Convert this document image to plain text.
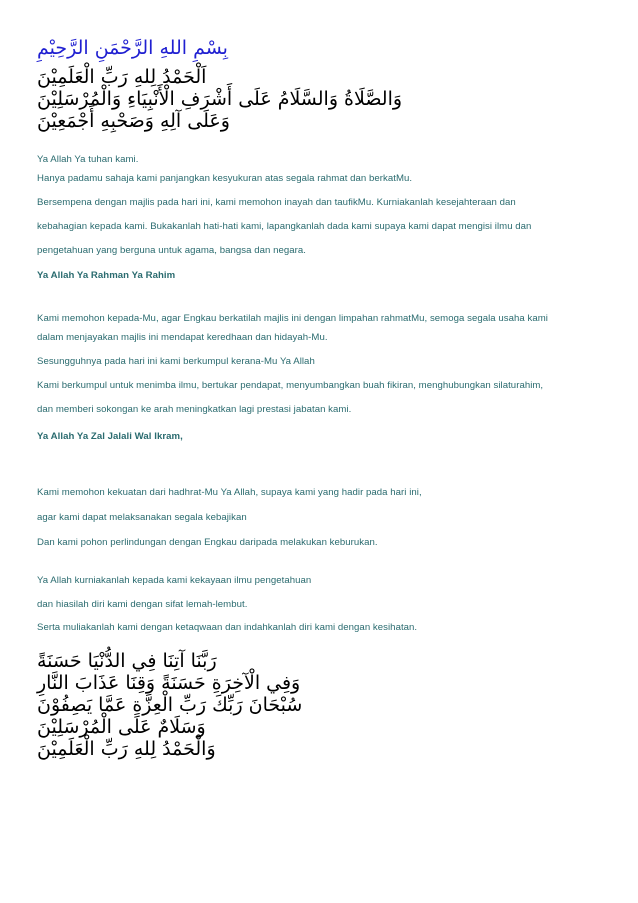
بِسْمِ اللهِ الرَّحْمَنِ الرَّحِيْمِ

اَلْحَمْدُ لِلهِ رَبِّ الْعَلَمِيْنَ

وَالصَّلَاةُ وَالسَّلَامُ عَلَى أَشْرَفِ الْأَنْبِيَاءِ وَالْمُرْسَلِيْنَ

وَعَلَى آلِهِ وَصَحْبِهِ أَجْمَعِيْنَ

Ya Allah Ya tuhan kami.

Hanya padamu sahaja kami panjangkan kesyukuran atas segala rahmat dan berkatMu.

Bersempena dengan majlis pada hari ini, kami memohon inayah dan taufikMu. Kurniakanlah kesejahteraan dan

kebahagian kepada kami. Bukakanlah hati-hati kami, lapangkanlah dada kami supaya kami dapat mengisi ilmu dan

pengetahuan yang berguna untuk agama, bangsa dan negara.

Ya Allah Ya Rahman Ya Rahim

Kami memohon kepada-Mu, agar Engkau berkatilah majlis ini dengan limpahan rahmatMu, semoga segala usaha kami

dalam menjayakan majlis ini mendapat keredhaan dan hidayah-Mu.

Sesungguhnya pada hari ini kami berkumpul kerana-Mu Ya Allah

Kami berkumpul untuk menimba ilmu, bertukar pendapat, menyumbangkan buah fikiran, menghubungkan silaturahim,

dan memberi sokongan ke arah meningkatkan lagi prestasi jabatan kami.

Ya Allah Ya Zal Jalali Wal Ikram,

Kami memohon kekuatan dari hadhrat-Mu Ya Allah, supaya kami yang hadir pada hari ini,

agar kami dapat melaksanakan segala kebajikan

Dan kami pohon perlindungan dengan Engkau daripada melakukan keburukan.

Ya Allah kurniakanlah kepada kami kekayaan ilmu pengetahuan

dan hiasilah diri kami dengan sifat lemah-lembut.

Serta muliakanlah kami dengan ketaqwaan dan indahkanlah diri kami dengan kesihatan.

رَبَّنَا آتِنَا فِي الدُّنْيَا حَسَنَةً

وَفِي الْآخِرَةِ حَسَنَةً وَقِنَا عَذَابَ النَّارِ

سُبْحَانَ رَبِّكَ رَبِّ الْعِزَّةِ عَمَّا يَصِفُوْنَ

وَسَلَامٌ عَلَى الْمُرْسَلِيْنَ

وَالْحَمْدُ لِلهِ رَبِّ الْعَلَمِيْنَ
